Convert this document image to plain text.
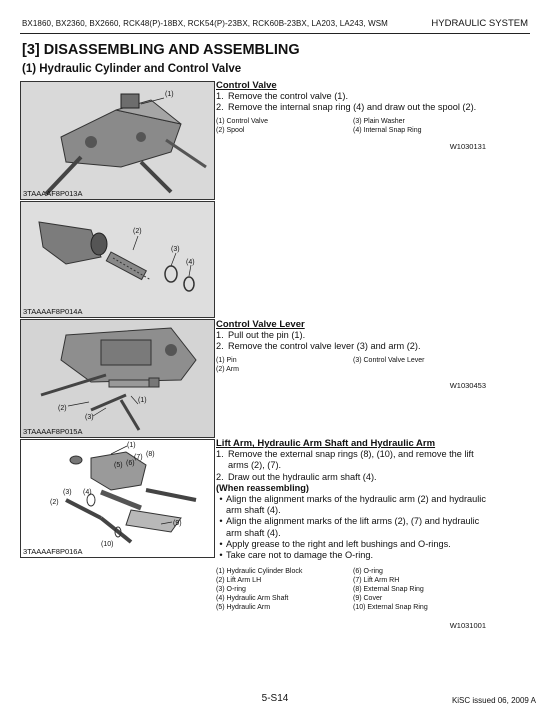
BX1860, BX2360, BX2660, RCK48(P)-18BX, RCK54(P)-23BX, RCK60B-23BX, LA203, LA243, WSM	HYDRAULIC SYSTEM
[3] DISASSEMBLING AND ASSEMBLING
(1) Hydraulic Cylinder and Control Valve
(1)
3TAAAAF8P013A
(2)
(3)
(4)
3TAAAAF8P014A
(1)
(2)
(3)
3TAAAAF8P015A
(1)
(2)
(3) (4)
(5) (6)
(7) (8)
(9)
(10)
3TAAAAF8P016A
Control Valve
1. Remove the control valve (1).
2. Remove the internal snap ring (4) and draw out the spool (2).
(1) Control Valve	(3) Plain Washer
(2) Spool	(4) Internal Snap Ring
W1030131
Control Valve Lever
1. Pull out the pin (1).
2. Remove the control valve lever (3) and arm (2).
(1) Pin	(3) Control Valve Lever
(2) Arm
W1030453
Lift Arm, Hydraulic Arm Shaft and Hydraulic Arm
1. Remove the external snap rings (8), (10), and remove the lift arms (2), (7).
2. Draw out the hydraulic arm shaft (4).
(When reassembling)
• Align the alignment marks of the hydraulic arm (2) and hydraulic arm shaft (4).
• Align the alignment marks of the lift arms (2), (7) and hydraulic arm shaft (4).
• Apply grease to the right and left bushings and O-rings.
• Take care not to damage the O-ring.
(1) Hydraulic Cylinder Block	(6) O-ring
(2) Lift Arm LH	(7) Lift Arm RH
(3) O-ring	(8) External Snap Ring
(4) Hydraulic Arm Shaft	(9) Cover
(5) Hydraulic Arm	(10) External Snap Ring
W1031001
5-S14	KiSC issued 06, 2009 A
